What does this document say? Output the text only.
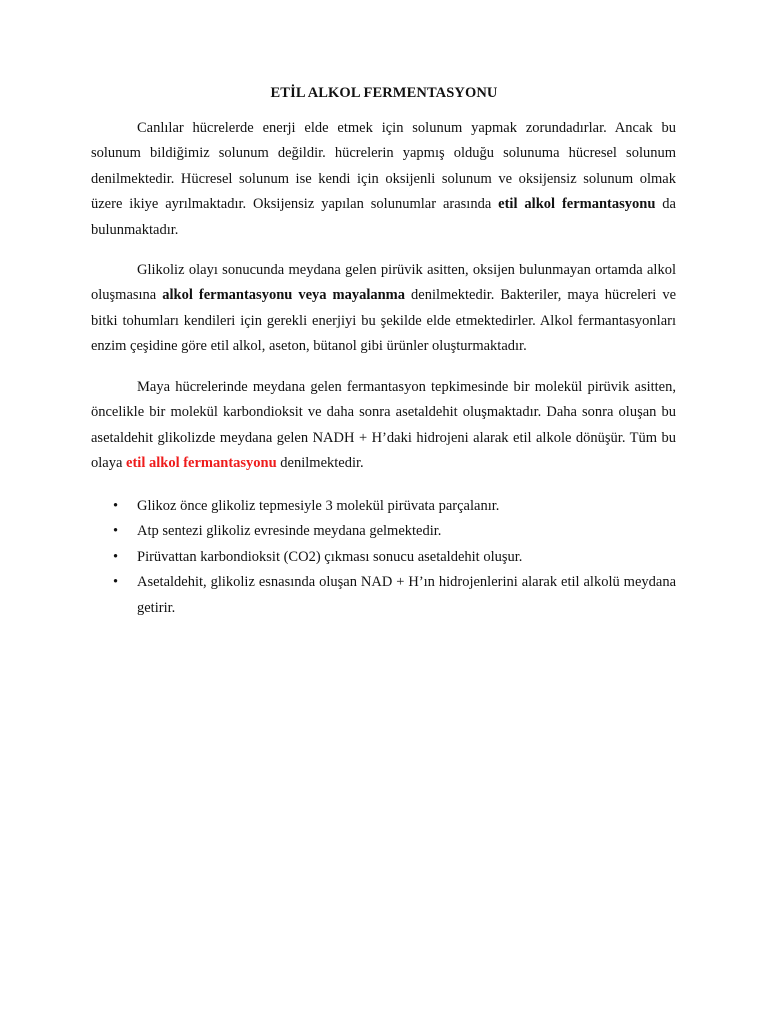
ETİL ALKOL FERMENTASYONU

Canlılar hücrelerde enerji elde etmek için solunum yapmak zorundadırlar. Ancak bu solunum bildiğimiz solunum değildir. hücrelerin yapmış olduğu solunuma hücresel solunum denilmektedir. Hücresel solunum ise kendi için oksijenli solunum ve oksijensiz solunum olmak üzere ikiye ayrılmaktadır. Oksijensiz yapılan solunumlar arasında etil alkol fermantasyonu da bulunmaktadır.

Glikoliz olayı sonucunda meydana gelen pirüvik asitten, oksijen bulunmayan ortamda alkol oluşmasına alkol fermantasyonu veya mayalanma denilmektedir. Bakteriler, maya hücreleri ve bitki tohumları kendileri için gerekli enerjiyi bu şekilde elde etmektedirler. Alkol fermantasyonları enzim çeşidine göre etil alkol, aseton, bütanol gibi ürünler oluşturmaktadır.

Maya hücrelerinde meydana gelen fermantasyon tepkimesinde bir molekül pirüvik asitten, öncelikle bir molekül karbondioksit ve daha sonra asetaldehit oluşmaktadır. Daha sonra oluşan bu asetaldehit glikolizde meydana gelen NADH + H’daki hidrojeni alarak etil alkole dönüşür. Tüm bu olaya etil alkol fermantasyonu denilmektedir.

• Glikoz önce glikoliz tepmesiyle 3 molekül pirüvata parçalanır.
• Atp sentezi glikoliz evresinde meydana gelmektedir.
• Pirüvattan karbondioksit (CO2) çıkması sonucu asetaldehit oluşur.
• Asetaldehit, glikoliz esnasında oluşan NAD + H’ın hidrojenlerini alarak etil alkolü meydana getirir.
